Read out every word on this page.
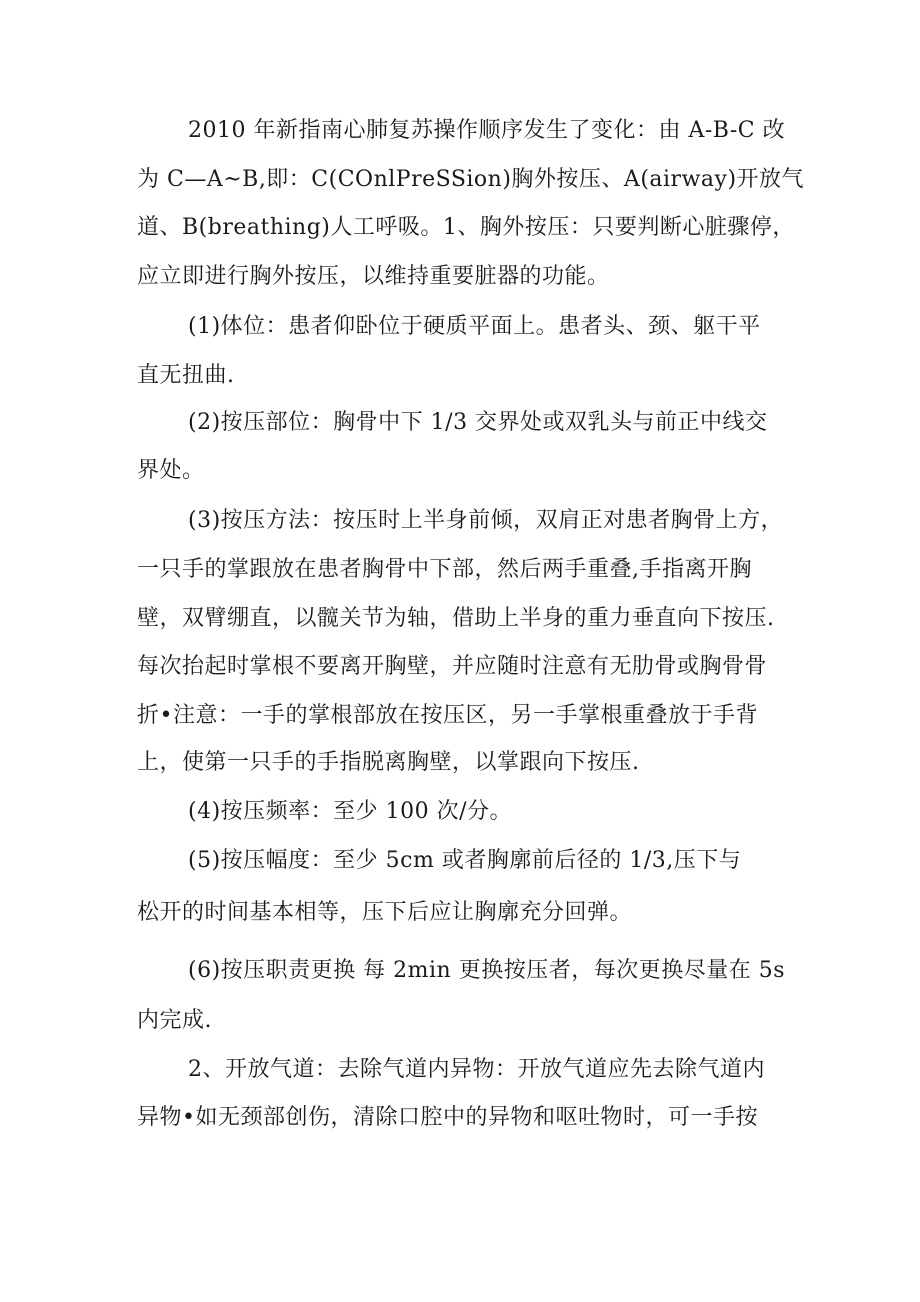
2010 年新指南心肺复苏操作顺序发生了变化：由 A-B-C 改
为 C—A~B,即：C(COnlPreSSion)胸外按压、A(airway)开放气
道、B(breathing)人工呼吸。1、胸外按压：只要判断心脏骤停，
应立即进行胸外按压，以维持重要脏器的功能。
(1)体位：患者仰卧位于硬质平面上。患者头、颈、躯干平
直无扭曲.
(2)按压部位：胸骨中下 1/3 交界处或双乳头与前正中线交
界处。
(3)按压方法：按压时上半身前倾，双肩正对患者胸骨上方，
一只手的掌跟放在患者胸骨中下部，然后两手重叠,手指离开胸
壁，双臂绷直，以髋关节为轴，借助上半身的重力垂直向下按压.
每次抬起时掌根不要离开胸壁，并应随时注意有无肋骨或胸骨骨
折•注意：一手的掌根部放在按压区，另一手掌根重叠放于手背
上，使第一只手的手指脱离胸壁，以掌跟向下按压.
(4)按压频率：至少 100 次/分。
(5)按压幅度：至少 5cm 或者胸廓前后径的 1/3,压下与
松开的时间基本相等，压下后应让胸廓充分回弹。
(6)按压职责更换 每 2min 更换按压者，每次更换尽量在 5s
内完成.
2、开放气道：去除气道内异物：开放气道应先去除气道内
异物•如无颈部创伤，清除口腔中的异物和呕吐物时，可一手按
